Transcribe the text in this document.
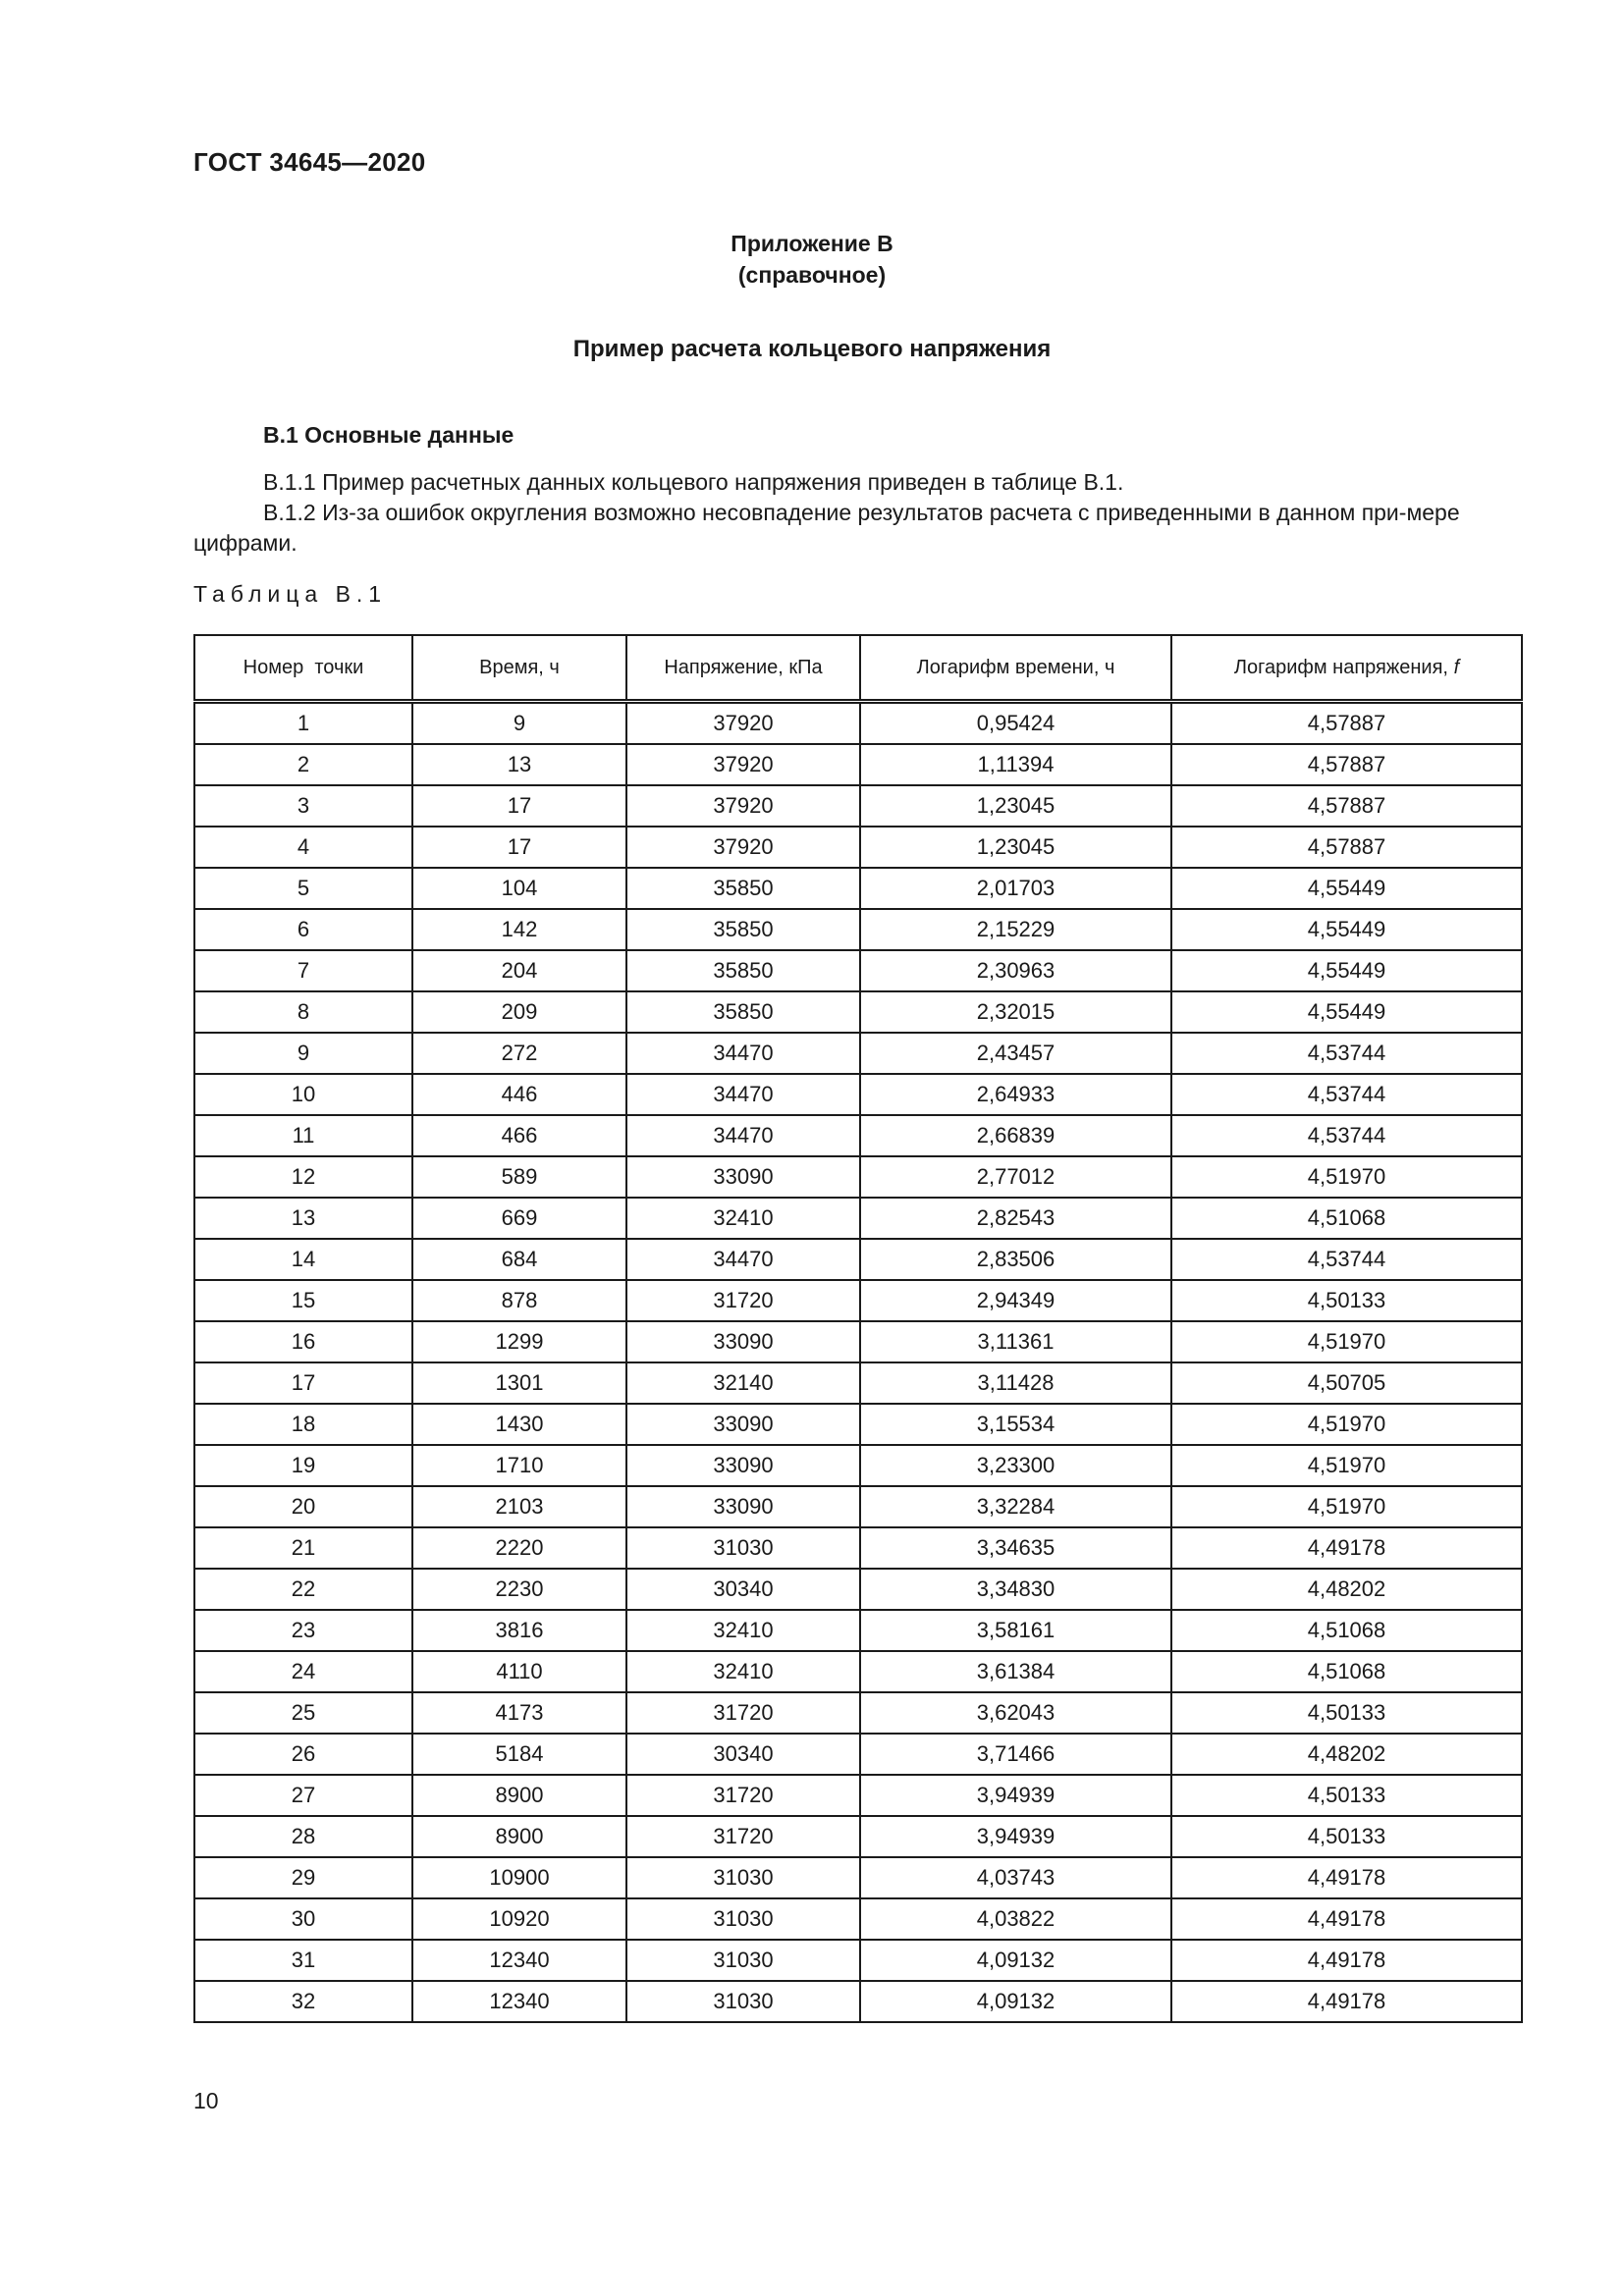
ГОСТ 34645—2020
Приложение В
(справочное)
Пример расчета кольцевого напряжения
В.1 Основные данные
В.1.1 Пример расчетных данных кольцевого напряжения приведен в таблице В.1.
В.1.2 Из-за ошибок округления возможно несовпадение результатов расчета с приведенными в данном при-мере цифрами.
Таблица В.1
Номер  точки	Время, ч	Напряжение, кПа	Логарифм времени, ч	Логарифм напряжения, f
1	9	37920	0,95424	4,57887
2	13	37920	1,11394	4,57887
3	17	37920	1,23045	4,57887
4	17	37920	1,23045	4,57887
5	104	35850	2,01703	4,55449
6	142	35850	2,15229	4,55449
7	204	35850	2,30963	4,55449
8	209	35850	2,32015	4,55449
9	272	34470	2,43457	4,53744
10	446	34470	2,64933	4,53744
11	466	34470	2,66839	4,53744
12	589	33090	2,77012	4,51970
13	669	32410	2,82543	4,51068
14	684	34470	2,83506	4,53744
15	878	31720	2,94349	4,50133
16	1299	33090	3,11361	4,51970
17	1301	32140	3,11428	4,50705
18	1430	33090	3,15534	4,51970
19	1710	33090	3,23300	4,51970
20	2103	33090	3,32284	4,51970
21	2220	31030	3,34635	4,49178
22	2230	30340	3,34830	4,48202
23	3816	32410	3,58161	4,51068
24	4110	32410	3,61384	4,51068
25	4173	31720	3,62043	4,50133
26	5184	30340	3,71466	4,48202
27	8900	31720	3,94939	4,50133
28	8900	31720	3,94939	4,50133
29	10900	31030	4,03743	4,49178
30	10920	31030	4,03822	4,49178
31	12340	31030	4,09132	4,49178
32	12340	31030	4,09132	4,49178
10
